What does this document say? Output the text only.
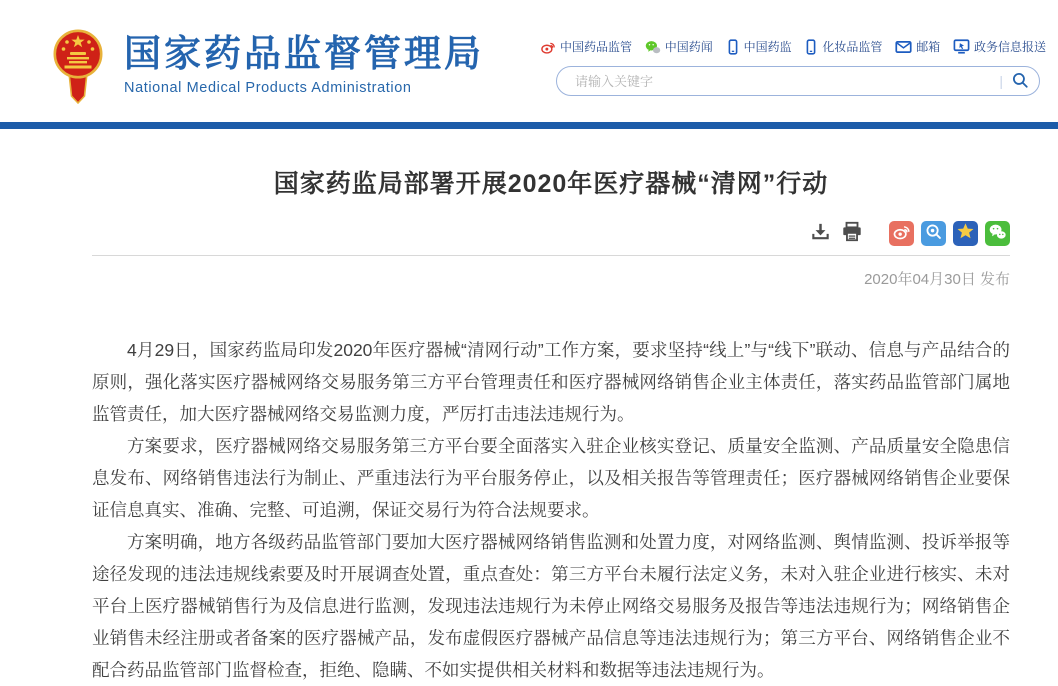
国家药品监督管理局
National Medical Products Administration
中国药品监管	中国药闻	中国药监	化妆品监管	邮箱	政务信息报送
请输入关键字
|
国家药监局部署开展2020年医疗器械“清网”行动
2020年04月30日 发布

4月29日，国家药监局印发2020年医疗器械“清网行动”工作方案，要求坚持“线上”与“线下”联动、信息与产品结合的原则，强化落实医疗器械网络交易服务第三方平台管理责任和医疗器械网络销售企业主体责任，落实药品监管部门属地监管责任，加大医疗器械网络交易监测力度，严厉打击违法违规行为。

方案要求，医疗器械网络交易服务第三方平台要全面落实入驻企业核实登记、质量安全监测、产品质量安全隐患信息发布、网络销售违法行为制止、严重违法行为平台服务停止，以及相关报告等管理责任；医疗器械网络销售企业要保证信息真实、准确、完整、可追溯，保证交易行为符合法规要求。

方案明确，地方各级药品监管部门要加大医疗器械网络销售监测和处置力度，对网络监测、舆情监测、投诉举报等途径发现的违法违规线索要及时开展调查处置，重点查处：第三方平台未履行法定义务，未对入驻企业进行核实、未对平台上医疗器械销售行为及信息进行监测，发现违法违规行为未停止网络交易服务及报告等违法违规行为；网络销售企业销售未经注册或者备案的医疗器械产品，发布虚假医疗器械产品信息等违法违规行为；第三方平台、网络销售企业不配合药品监管部门监督检查，拒绝、隐瞒、不如实提供相关材料和数据等违法违规行为。
